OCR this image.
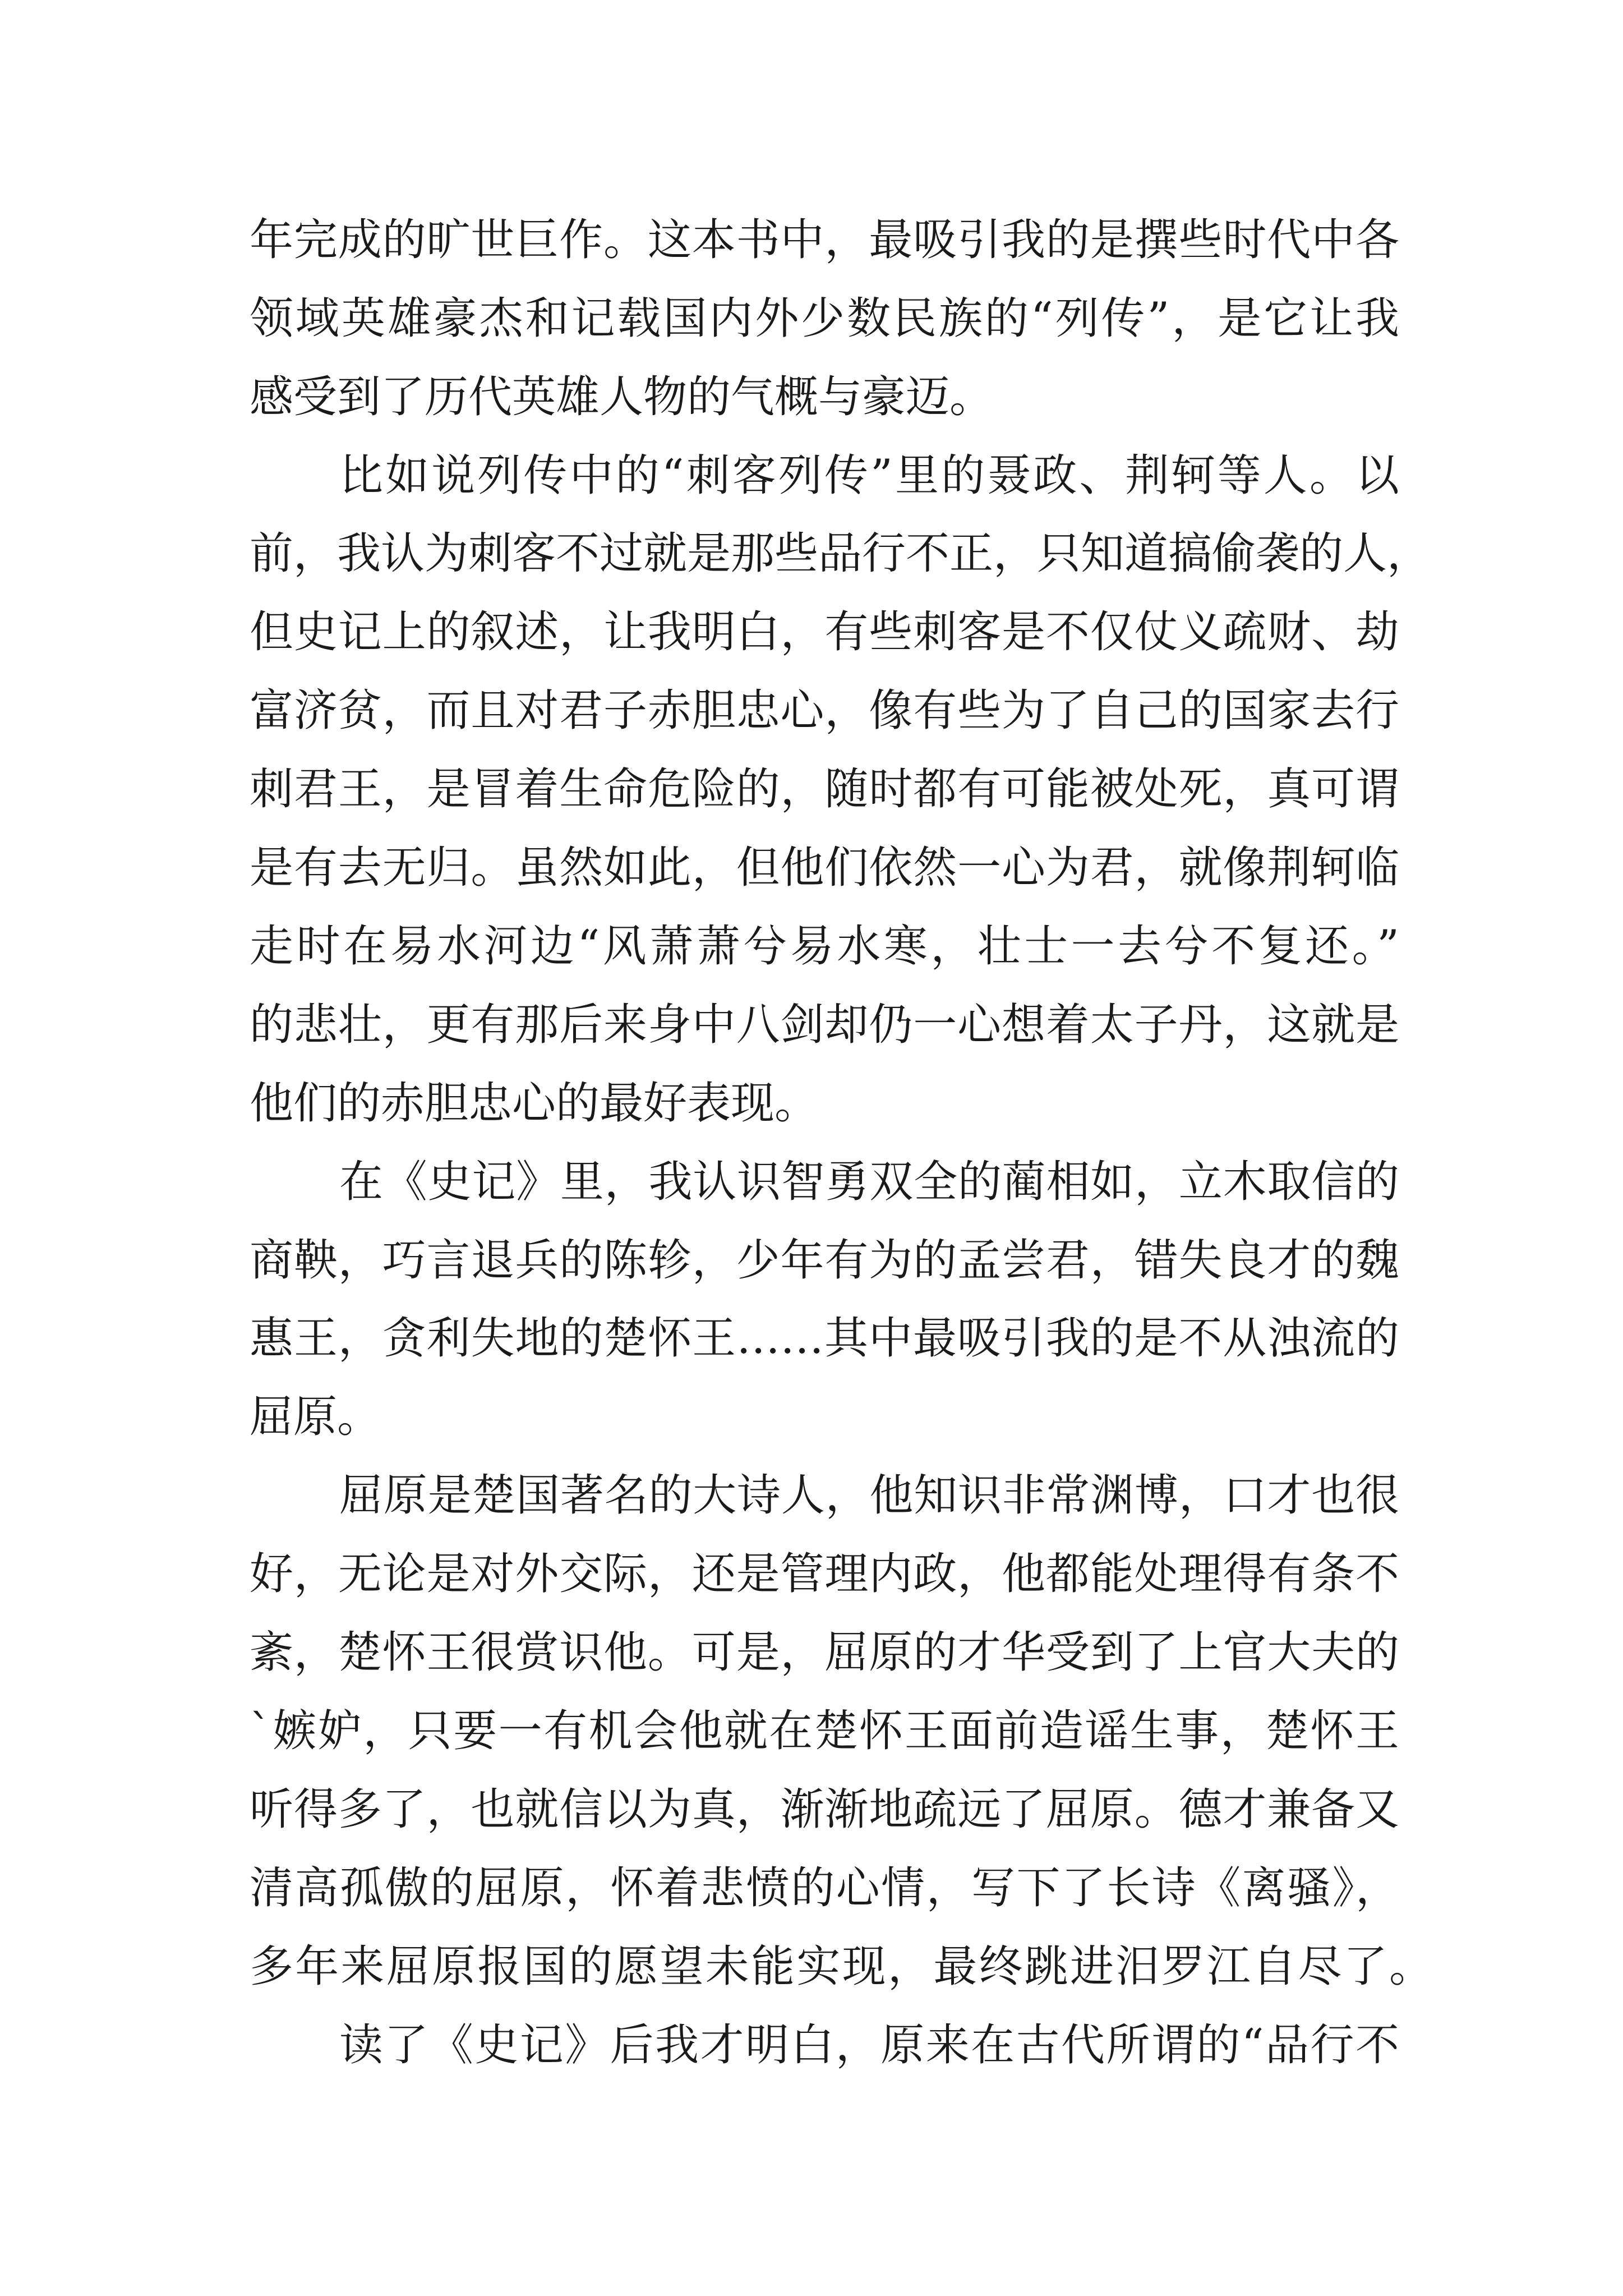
年完成的旷世巨作。这本书中，最吸引我的是撰些时代中各
领域英雄豪杰和记载国内外少数民族的“列传”，是它让我
感受到了历代英雄人物的气概与豪迈。
比如说列传中的“刺客列传”里的聂政、荆轲等人。以
前，我认为刺客不过就是那些品行不正，只知道搞偷袭的人，
但史记上的叙述，让我明白，有些刺客是不仅仗义疏财、劫
富济贫，而且对君子赤胆忠心，像有些为了自己的国家去行
刺君王，是冒着生命危险的，随时都有可能被处死，真可谓
是有去无归。虽然如此，但他们依然一心为君，就像荆轲临
走时在易水河边“风萧萧兮易水寒，壮士一去兮不复还。”
的悲壮，更有那后来身中八剑却仍一心想着太子丹，这就是
他们的赤胆忠心的最好表现。
在《史记》里，我认识智勇双全的蔺相如，立木取信的
商鞅，巧言退兵的陈轸，少年有为的孟尝君，错失良才的魏
惠王，贪利失地的楚怀王……其中最吸引我的是不从浊流的
屈原。
屈原是楚国著名的大诗人，他知识非常渊博，口才也很
好，无论是对外交际，还是管理内政，他都能处理得有条不
紊，楚怀王很赏识他。可是，屈原的才华受到了上官大夫的
`嫉妒，只要一有机会他就在楚怀王面前造谣生事，楚怀王
听得多了，也就信以为真，渐渐地疏远了屈原。德才兼备又
清高孤傲的屈原，怀着悲愤的心情，写下了长诗《离骚》，
多年来屈原报国的愿望未能实现，最终跳进汨罗江自尽了。
读了《史记》后我才明白，原来在古代所谓的“品行不
